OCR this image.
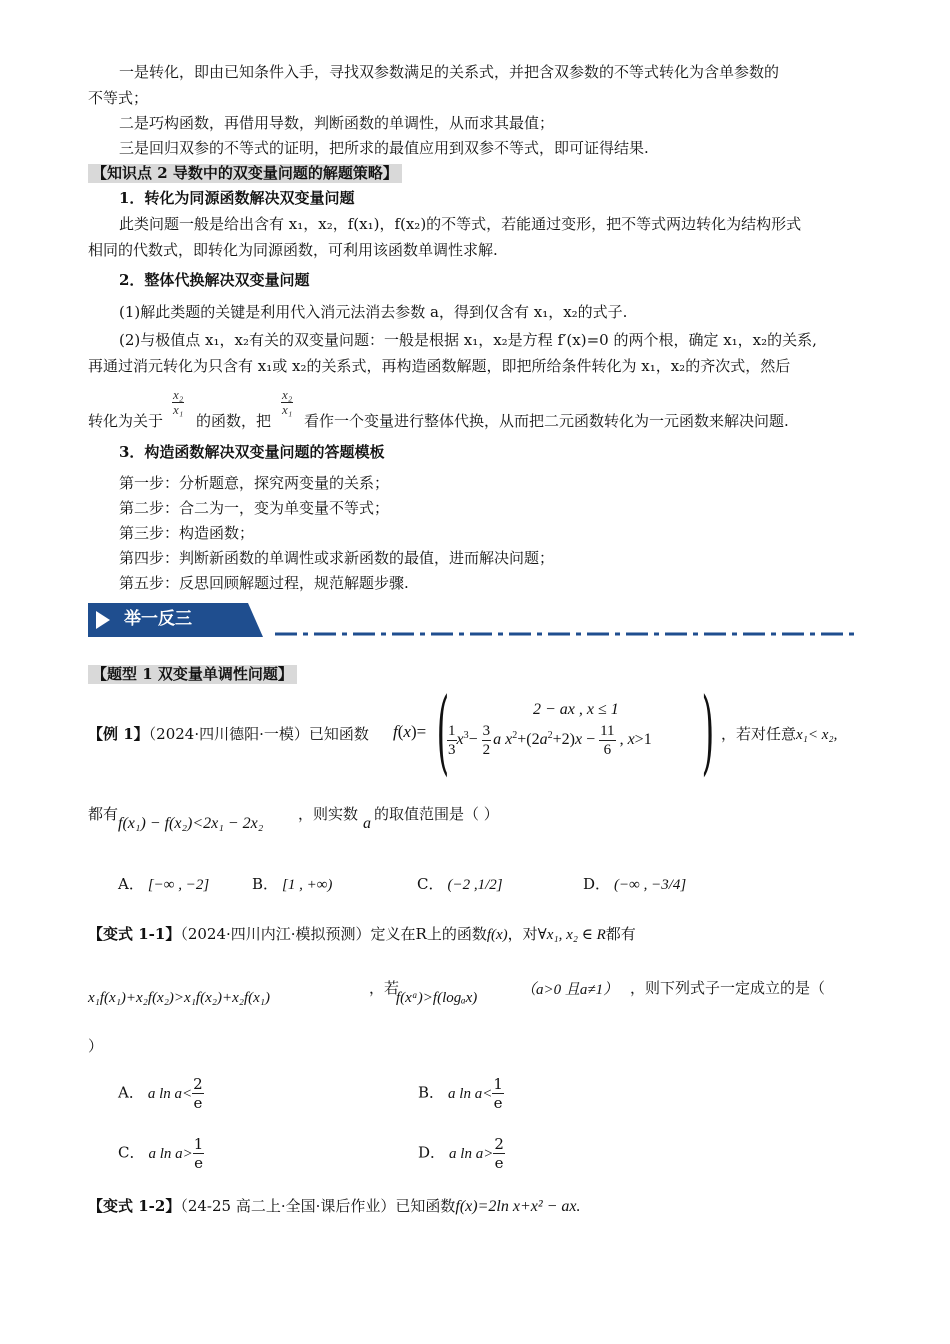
一是转化，即由已知条件入手，寻找双参数满足的关系式，并把含双参数的不等式转化为含单参数的
不等式；
二是巧构函数，再借用导数，判断函数的单调性，从而求其最值；
三是回归双参的不等式的证明，把所求的最值应用到双参不等式，即可证得结果.
【知识点 2 导数中的双变量问题的解题策略】
1．转化为同源函数解决双变量问题
此类问题一般是给出含有 x₁，x₂，f(x₁)，f(x₂)的不等式，若能通过变形，把不等式两边转化为结构形式
相同的代数式，即转化为同源函数，可利用该函数单调性求解.
2．整体代换解决双变量问题
(1)解此类题的关键是利用代入消元法消去参数 a，得到仅含有 x₁，x₂的式子.
(2)与极值点 x₁，x₂有关的双变量问题：一般是根据 x₁，x₂是方程 f′(x)=0 的两个根，确定 x₁，x₂的关系,
再通过消元转化为只含有 x₁或 x₂的关系式，再构造函数解题，即把所给条件转化为 x₁，x₂的齐次式，然后
转化为关于
$\frac{\text{x₂}}{\text{x₁}}$
的函数，把
$\frac{\text{x₂}}{\text{x₁}}$
看作一个变量进行整体代换，从而把二元函数转化为一元函数来解决问题.
3．构造函数解决双变量问题的答题模板
第一步：分析题意，探究两变量的关系；
第二步：合二为一，变为单变量不等式；
第三步：构造函数；
第四步：判断新函数的单调性或求新函数的最值，进而解决问题；
第五步：反思回顾解题过程，规范解题步骤.
举一反三
【题型 1 双变量单调性问题】
【例 1】（2024·四川德阳·一模）已知函数 f(x)= (	2 − ax , x ≤ 1
$\frac{1}{3} x^3- \frac{3}{2}$ a $x^2+(2a^2+2)x - \frac{11}{6}$ , x>1 ) ，若对任意x₁< x₂,
都有
f(x₁) − f(x₂)<2x₁ − 2x₂
，则实数
a
的取值范围是（ ）
A． [−∞ , −2]	B． [1 , +∞)	C． (−2 ,1/2]	D． (−∞ , −3/4]
【变式 1-1】（2024·四川内江·模拟预测）定义在R上的函数f(x)，对∀x₁, x₂ ∈ R都有
x₁f(x₁)+x₂f(x₂)>x₁f(x₂)+x₂f(x₁)
，若
f(xᵃ)>f(logₐx)	（a>0 且a≠1） ，则下列式子一定成立的是（
）
A． a $\ln a< \frac{2}{e}$	B． a $\ln a< \frac{1}{e}$
C． a $\ln a> \frac{1}{e}$	D． a $\ln a> \frac{2}{e}$
【变式 1-2】（24-25 高二上·全国·课后作业）已知函数f(x)=2ln x+x² − ax.
